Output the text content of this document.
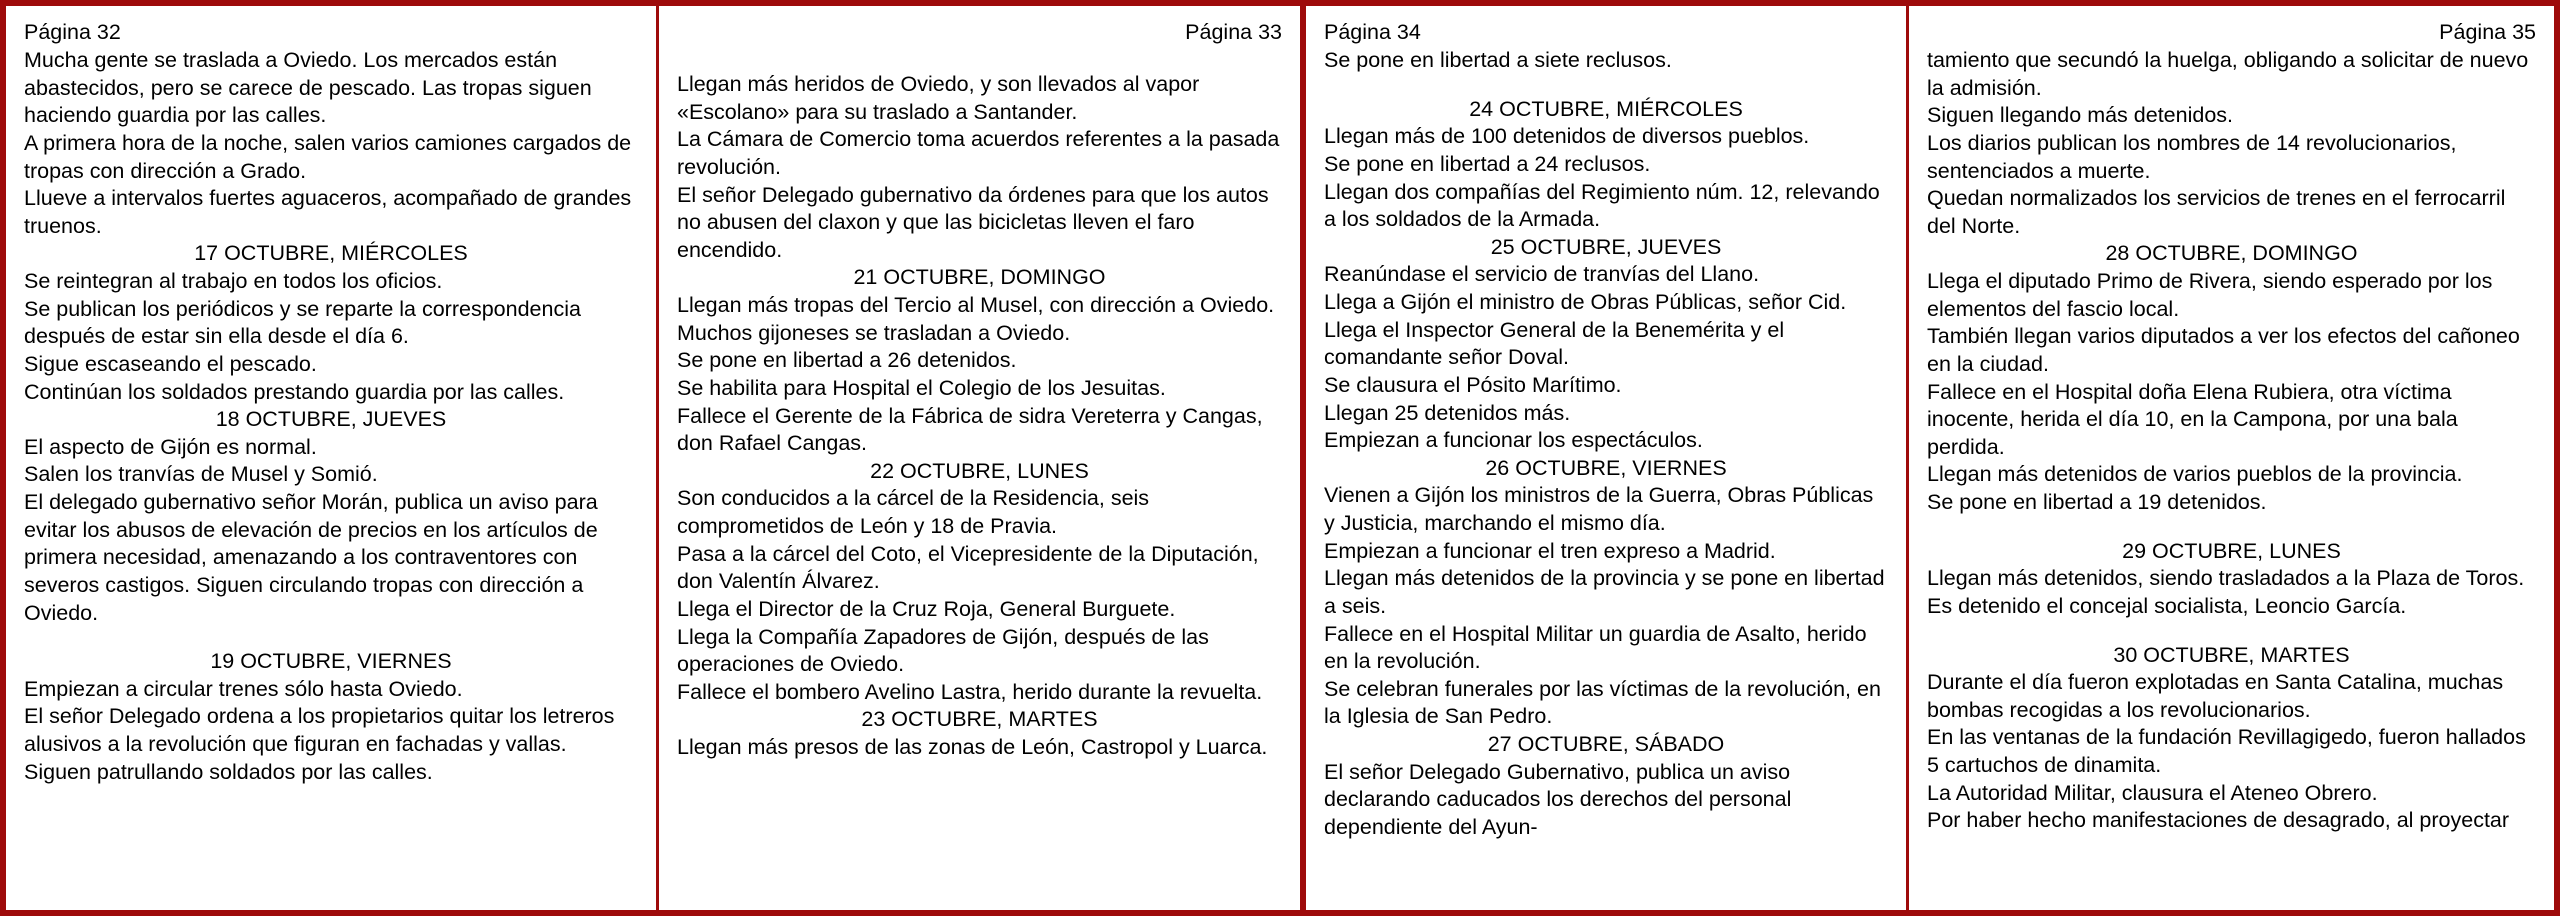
Página 32

Mucha gente se traslada a Oviedo. Los mercados están abastecidos, pero se carece de pescado. Las tropas siguen haciendo guardia por las calles.

A primera hora de la noche, salen varios camiones cargados de tropas con dirección a Grado.

Llueve a intervalos fuertes aguaceros, acompañado de grandes truenos.

17 OCTUBRE, MIÉRCOLES

Se reintegran al trabajo en todos los oficios.

Se publican los periódicos y se reparte la correspondencia después de estar sin ella desde el día 6.

Sigue escaseando el pescado.

Continúan los soldados prestando guardia por las calles.

18 OCTUBRE, JUEVES

El aspecto de Gijón es normal.

Salen los tranvías de Musel y Somió.

El delegado gubernativo señor Morán, publica un aviso para evitar los abusos de elevación de precios en los artículos de primera necesidad, amenazando a los contraventores con severos castigos. Siguen circulando tropas con dirección a Oviedo.

19 OCTUBRE, VIERNES

Empiezan a circular trenes sólo hasta Oviedo.

El señor Delegado ordena a los propietarios quitar los letreros alusivos a la revolución que figuran en fachadas y vallas.

Siguen patrullando soldados por las calles.

Página 33

Llegan más heridos de Oviedo, y son llevados al vapor «Escolano» para su traslado a Santander.

La Cámara de Comercio toma acuerdos referentes a la pasada revolución.

El señor Delegado gubernativo da órdenes para que los autos no abusen del claxon y que las bicicletas lleven el faro encendido.

21 OCTUBRE, DOMINGO

Llegan más tropas del Tercio al Musel, con dirección a Oviedo.

Muchos gijoneses se trasladan a Oviedo.

Se pone en libertad a 26 detenidos.

Se habilita para Hospital el Colegio de los Jesuitas.

Fallece el Gerente de la Fábrica de sidra Vereterra y Cangas, don Rafael Cangas.

22 OCTUBRE, LUNES

Son conducidos a la cárcel de la Residencia, seis comprometidos de León y 18 de Pravia.

Pasa a la cárcel del Coto, el Vicepresidente de la Diputación, don Valentín Álvarez.

Llega el Director de la Cruz Roja, General Burguete.

Llega la Compañía Zapadores de Gijón, después de las operaciones de Oviedo.

Fallece el bombero Avelino Lastra, herido durante la revuelta.

23 OCTUBRE, MARTES

Llegan más presos de las zonas de León, Castropol y Luarca.

Página 34

Se pone en libertad a siete reclusos.

24 OCTUBRE, MIÉRCOLES

Llegan más de 100 detenidos de diversos pueblos.

Se pone en libertad a 24 reclusos.

Llegan dos compañías del Regimiento núm. 12, relevando a los soldados de la Armada.

25 OCTUBRE, JUEVES

Reanúndase el servicio de tranvías del Llano.

Llega a Gijón el ministro de Obras Públicas, señor Cid.

Llega el Inspector General de la Benemérita y el comandante señor Doval.

Se clausura el Pósito Marítimo.

Llegan 25 detenidos más.

Empiezan a funcionar los espectáculos.

26 OCTUBRE, VIERNES

Vienen a Gijón los ministros de la Guerra, Obras Públicas y Justicia, marchando el mismo día.

Empiezan a funcionar el tren expreso a Madrid.

Llegan más detenidos de la provincia y se pone en libertad a seis.

Fallece en el Hospital Militar un guardia de Asalto, herido en la revolución.

Se celebran funerales por las víctimas de la revolución, en la Iglesia de San Pedro.

27 OCTUBRE, SÁBADO

El señor Delegado Gubernativo, publica un aviso declarando caducados los derechos del personal dependiente del Ayun-

Página 35

tamiento que secundó la huelga, obligando a solicitar de nuevo la admisión.

Siguen llegando más detenidos.

Los diarios publican los nombres de 14 revolucionarios, sentenciados a muerte.

Quedan normalizados los servicios de trenes en el ferrocarril del Norte.

28 OCTUBRE, DOMINGO

Llega el diputado Primo de Rivera, siendo esperado por los elementos del fascio local.

También llegan varios diputados a ver los efectos del cañoneo en la ciudad.

Fallece en el Hospital doña Elena Rubiera, otra víctima inocente, herida el día 10, en la Campona, por una bala perdida.

Llegan más detenidos de varios pueblos de la provincia.

Se pone en libertad a 19 detenidos.

29 OCTUBRE, LUNES

Llegan más detenidos, siendo trasladados a la Plaza de Toros.

Es detenido el concejal socialista, Leoncio García.

30 OCTUBRE, MARTES

Durante el día fueron explotadas en Santa Catalina, muchas bombas recogidas a los revolucionarios.

En las ventanas de la fundación Revillagigedo, fueron hallados 5 cartuchos de dinamita.

La Autoridad Militar, clausura el Ateneo Obrero.

Por haber hecho manifestaciones de desagrado, al proyectar
